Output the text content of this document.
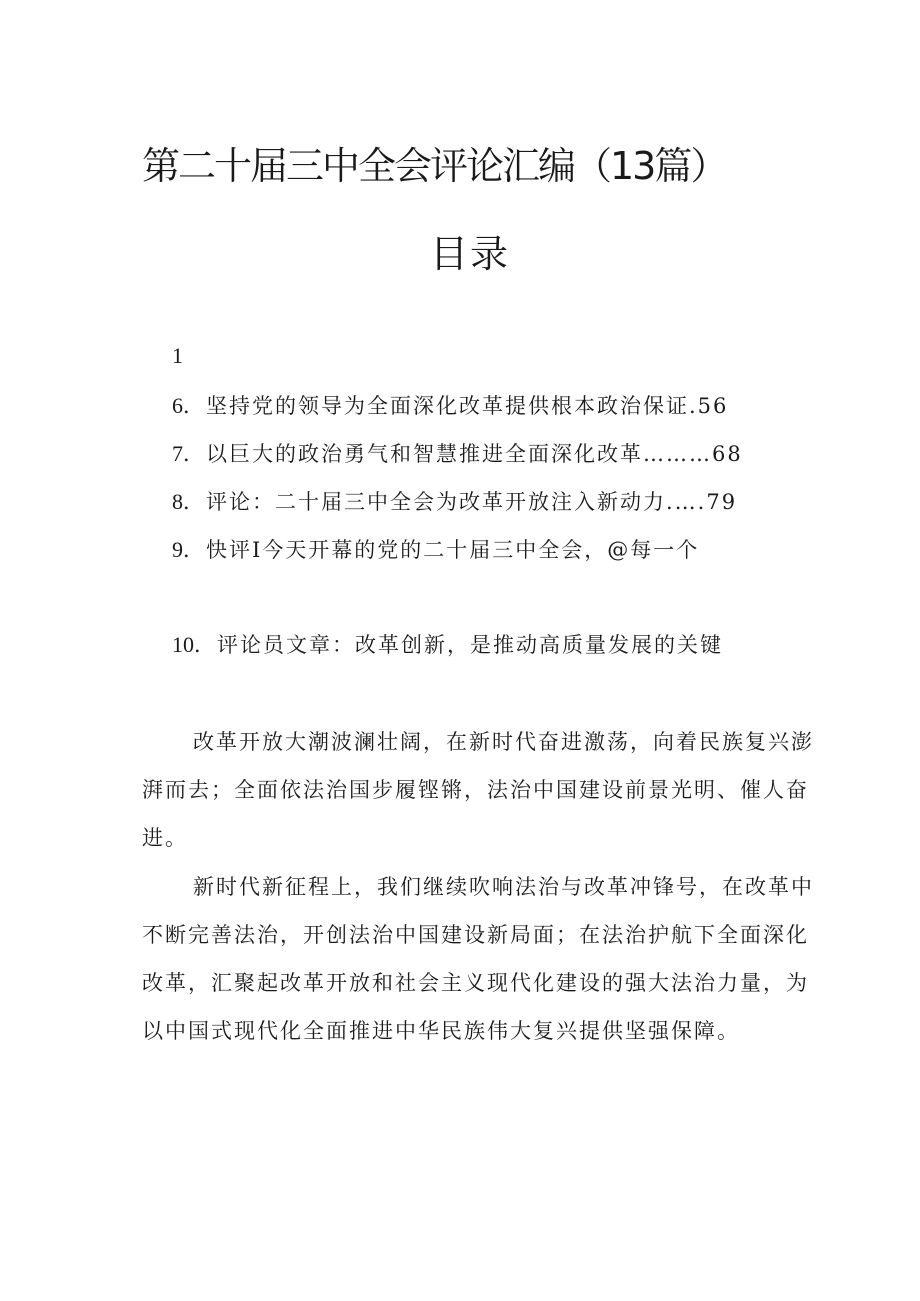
第二十届三中全会评论汇编（13篇）
目录
1
6．坚持党的领导为全面深化改革提供根本政治保证.56
7．以巨大的政治勇气和智慧推进全面深化改革………68
8．评论：二十届三中全会为改革开放注入新动力.….79
9．快评I今天开幕的党的二十届三中全会，@每一个
10．评论员文章：改革创新，是推动高质量发展的关键
改革开放大潮波澜壮阔，在新时代奋进激荡，向着民族复兴澎
湃而去；全面依法治国步履铿锵，法治中国建设前景光明、催人奋
进。
新时代新征程上，我们继续吹响法治与改革冲锋号，在改革中
不断完善法治，开创法治中国建设新局面；在法治护航下全面深化
改革，汇聚起改革开放和社会主义现代化建设的强大法治力量，为
以中国式现代化全面推进中华民族伟大复兴提供坚强保障。
